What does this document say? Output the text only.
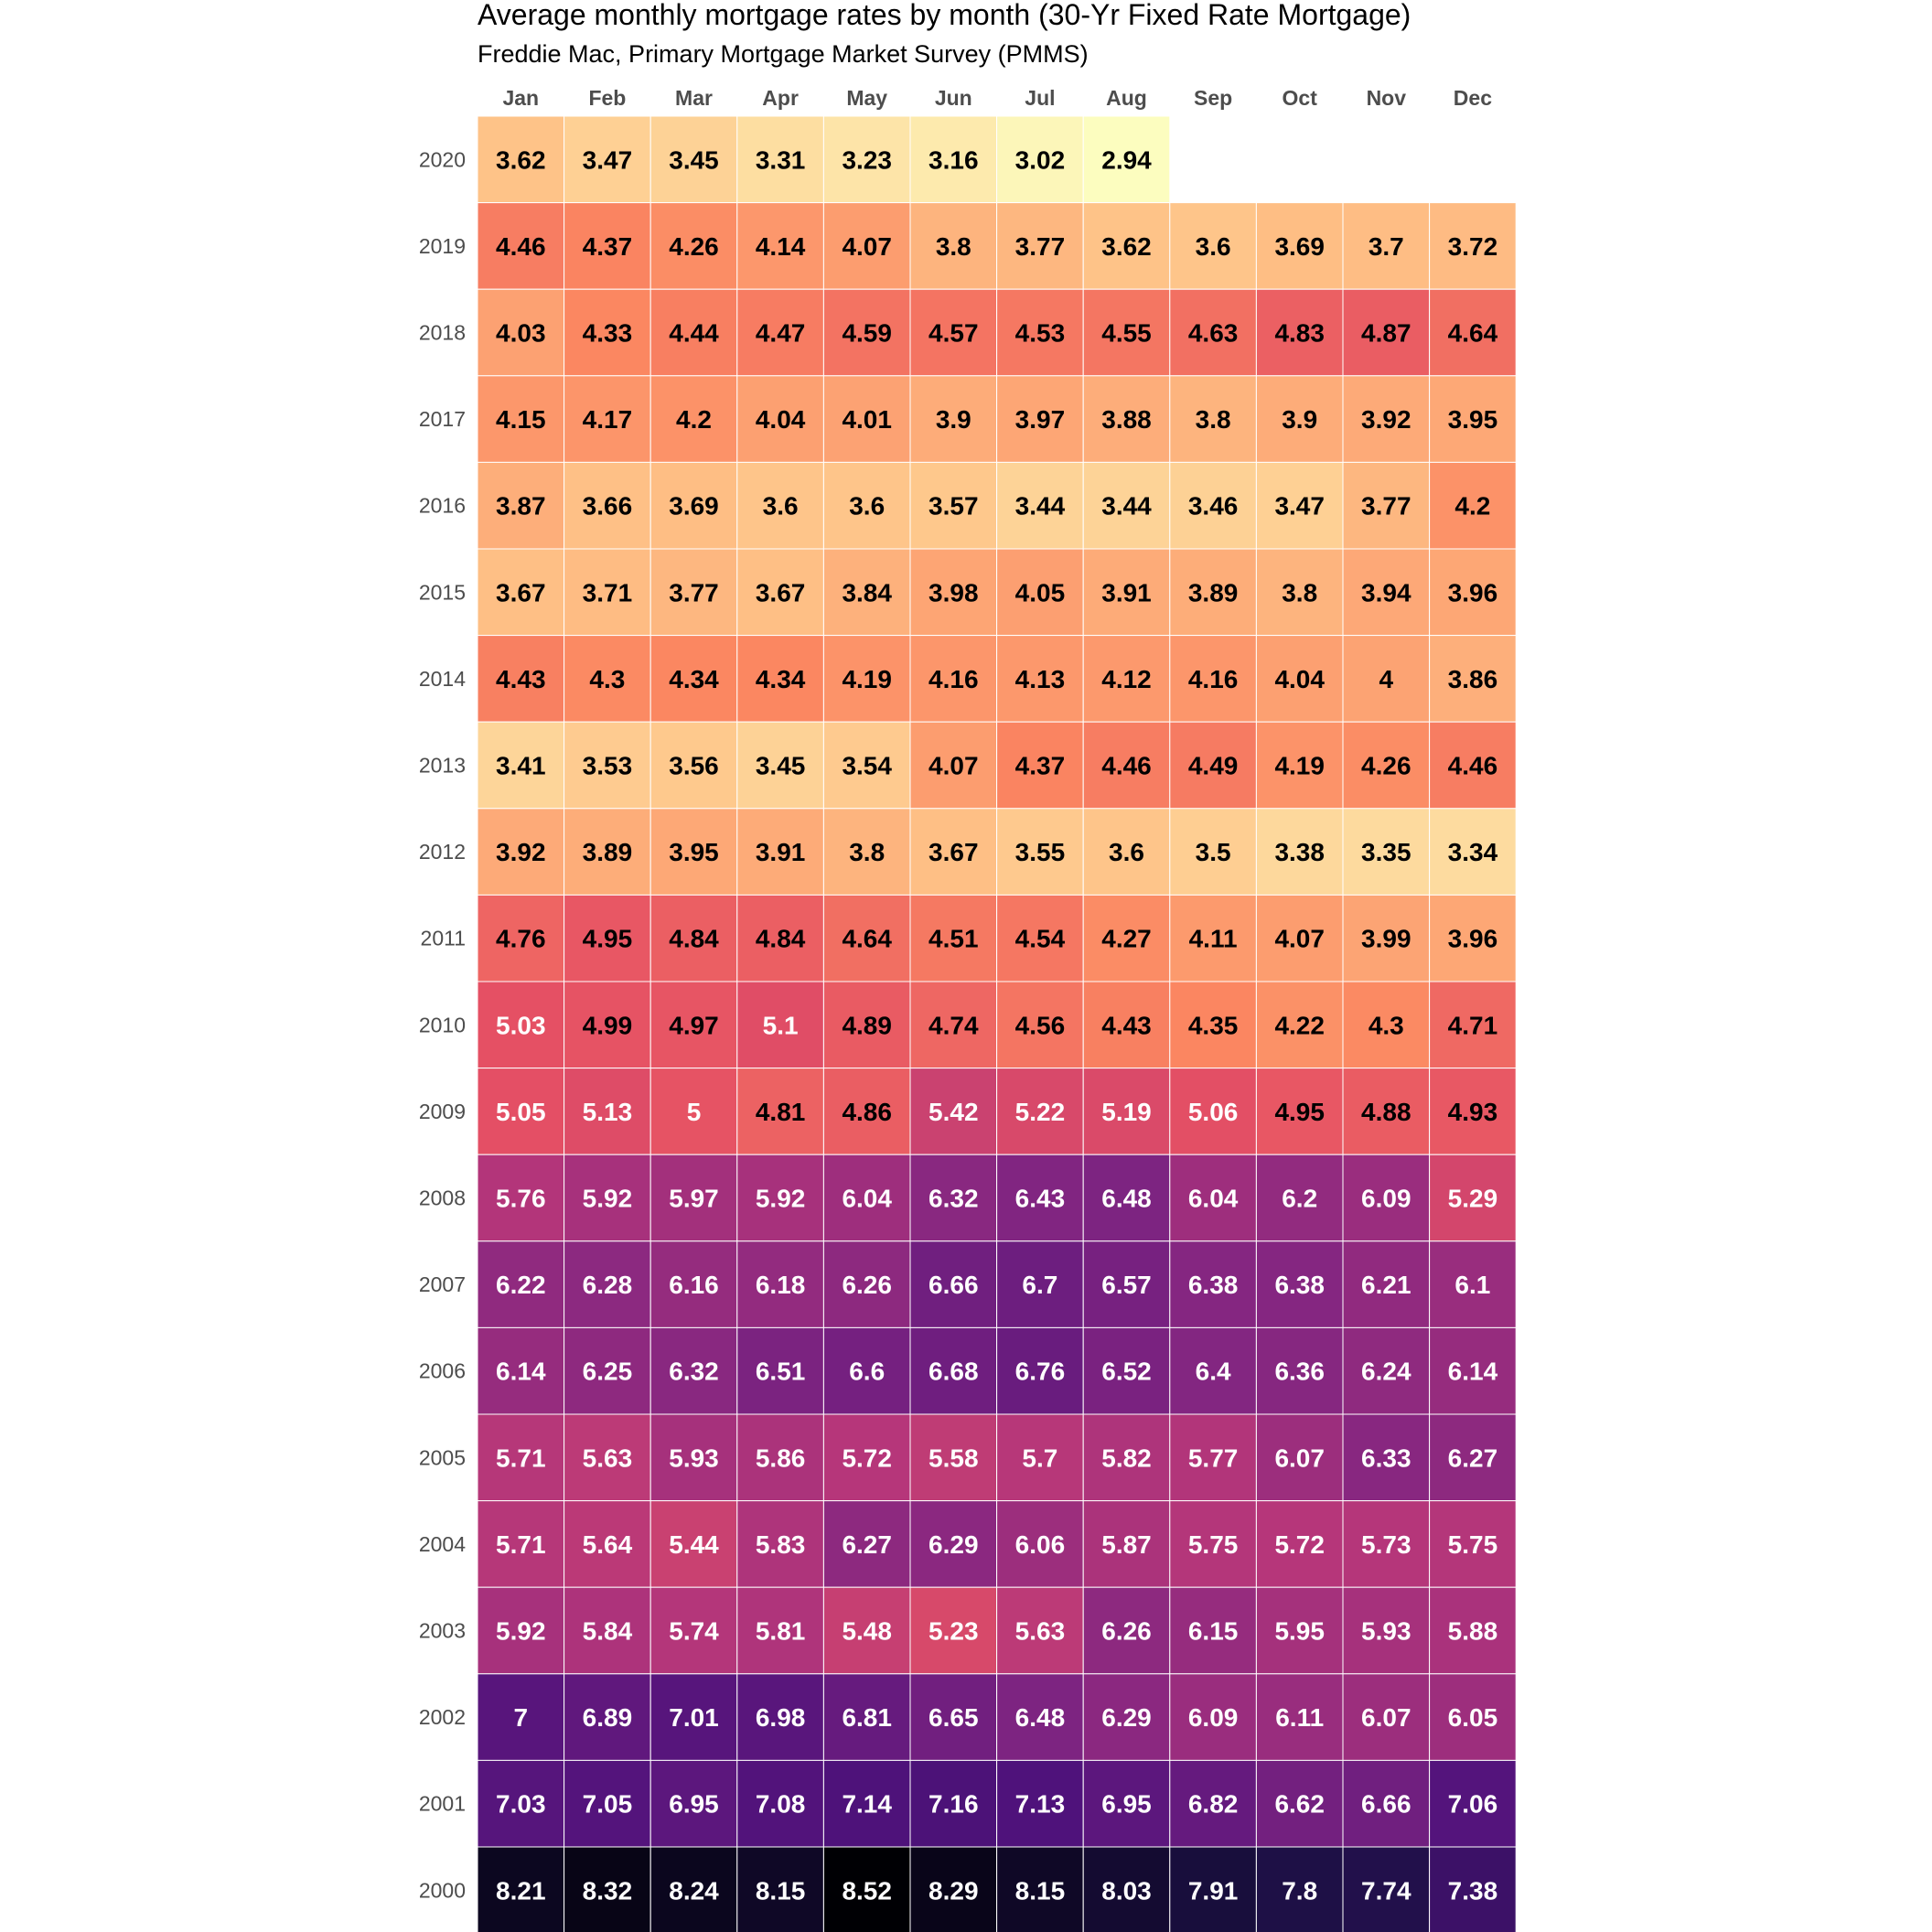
Average monthly mortgage rates by month (30-Yr Fixed Rate Mortgage)
Freddie Mac, Primary Mortgage Market Survey (PMMS)
Jan Feb Mar Apr May Jun	Jul Aug Sep Oct Nov Dec
2020
2019
2018
2017
2016
2015
2014
2013
2012
2011
2010
2009
2008
2007
2006
2005
2004
2003
2002
2001
2000
3.62 3.47 3.45 3.31 3.23 3.16 3.02 2.94
4.46 4.37 4.26 4.14 4.07 3.8 3.77 3.62 3.6 3.69 3.7 3.72
4.03 4.33 4.44 4.47 4.59 4.57 4.53 4.55 4.63 4.83 4.87 4.64
4.15 4.17 4.2 4.04 4.01 3.9 3.97 3.88 3.8 3.9 3.92 3.95
3.87 3.66 3.69 3.6 3.6 3.57 3.44 3.44 3.46 3.47 3.77 4.2
3.67 3.71 3.77 3.67 3.84 3.98 4.05 3.91 3.89 3.8 3.94 3.96
4.43 4.3 4.34 4.34 4.19 4.16 4.13 4.12 4.16 4.04 4 3.86
3.41 3.53 3.56 3.45 3.54 4.07 4.37 4.46 4.49 4.19 4.26 4.46
3.92 3.89 3.95 3.91 3.8 3.67 3.55 3.6 3.5 3.38 3.35 3.34
4.76 4.95 4.84 4.84 4.64 4.51 4.54 4.27 4.11 4.07 3.99 3.96
5.03 4.99 4.97 5.1 4.89 4.74 4.56 4.43 4.35 4.22 4.3 4.71
5.05 5.13 5 4.81 4.86 5.42 5.22 5.19 5.06 4.95 4.88 4.93
5.76 5.92 5.97 5.92 6.04 6.32 6.43 6.48 6.04 6.2 6.09 5.29
6.22 6.28 6.16 6.18 6.26 6.66 6.7 6.57 6.38 6.38 6.21 6.1
6.14 6.25 6.32 6.51 6.6 6.68 6.76 6.52 6.4 6.36 6.24 6.14
5.71 5.63 5.93 5.86 5.72 5.58 5.7 5.82 5.77 6.07 6.33 6.27
5.71 5.64 5.44 5.83 6.27 6.29 6.06 5.87 5.75 5.72 5.73 5.75
5.92 5.84 5.74 5.81 5.48 5.23 5.63 6.26 6.15 5.95 5.93 5.88
7 6.89 7.01 6.98 6.81 6.65 6.48 6.29 6.09 6.11 6.07 6.05
7.03 7.05 6.95 7.08 7.14 7.16 7.13 6.95 6.82 6.62 6.66 7.06
8.21 8.32 8.24 8.15 8.52 8.29 8.15 8.03 7.91 7.8 7.74 7.38
